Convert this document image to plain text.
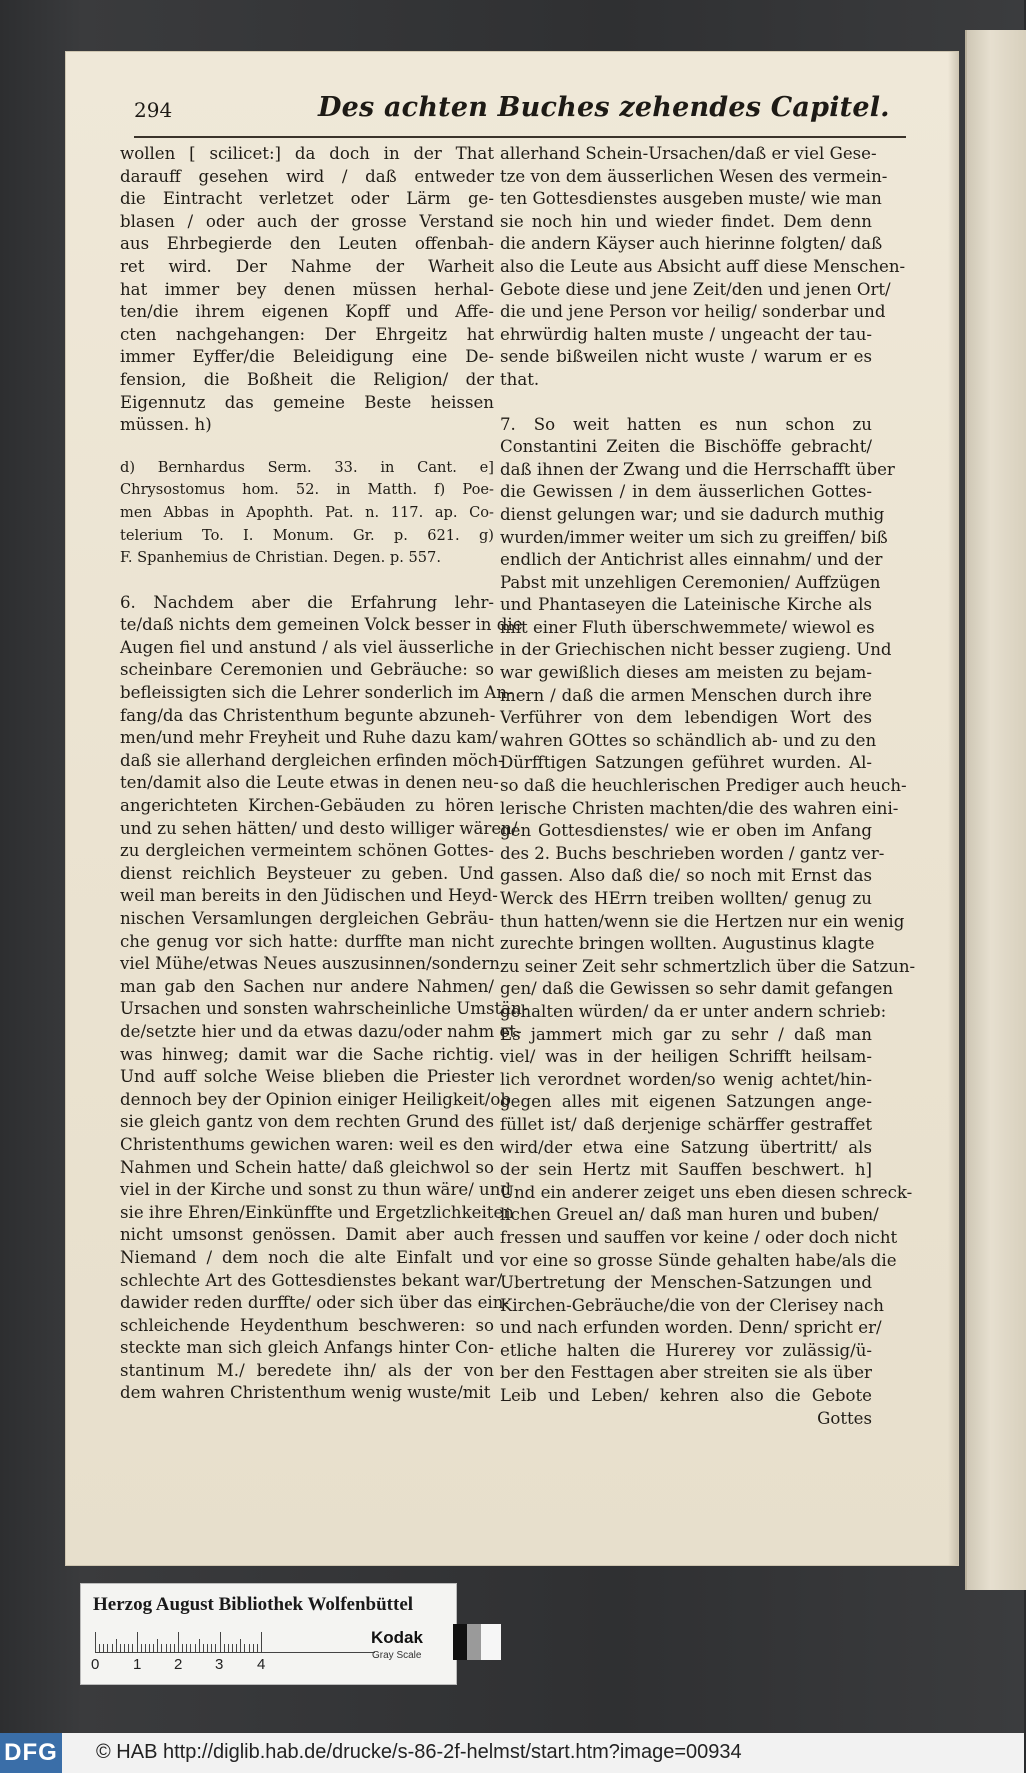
294	Des achten Buches zehendes Capitel.
wollen [ scilicet:] da doch in der That
darauff gesehen wird / daß entweder
die Eintracht verletzet oder Lärm ge-
blasen / oder auch der grosse Verstand
aus Ehrbegierde den Leuten offenbah-
ret wird. Der Nahme der Warheit
hat immer bey denen müssen herhal-
ten/die ihrem eigenen Kopff und Affe-
cten nachgehangen: Der Ehrgeitz hat
immer Eyffer/die Beleidigung eine De-
fension, die Boßheit die Religion/ der
Eigennutz das gemeine Beste heissen
müssen. h)
d) Bernhardus Serm. 33. in Cant. e]
Chrysostomus hom. 52. in Matth. f) Poe-
men Abbas in Apophth. Pat. n. 117. ap. Co-
telerium To. I. Monum. Gr. p. 621. g)
F. Spanhemius de Christian. Degen. p. 557.
6. Nachdem aber die Erfahrung lehr-
te/daß nichts dem gemeinen Volck besser in die
Augen fiel und anstund / als viel äusserliche
scheinbare Ceremonien und Gebräuche: so
befleissigten sich die Lehrer sonderlich im An-
fang/da das Christenthum begunte abzuneh-
men/und mehr Freyheit und Ruhe dazu kam/
daß sie allerhand dergleichen erfinden möch-
ten/damit also die Leute etwas in denen neu-
angerichteten Kirchen-Gebäuden zu hören
und zu sehen hätten/ und desto williger wären/
zu dergleichen vermeintem schönen Gottes-
dienst reichlich Beysteuer zu geben. Und
weil man bereits in den Jüdischen und Heyd-
nischen Versamlungen dergleichen Gebräu-
che genug vor sich hatte: durffte man nicht
viel Mühe/etwas Neues auszusinnen/sondern
man gab den Sachen nur andere Nahmen/
Ursachen und sonsten wahrscheinliche Umstän-
de/setzte hier und da etwas dazu/oder nahm et-
was hinweg; damit war die Sache richtig.
Und auff solche Weise blieben die Priester
dennoch bey der Opinion einiger Heiligkeit/ob
sie gleich gantz von dem rechten Grund des
Christenthums gewichen waren: weil es den
Nahmen und Schein hatte/ daß gleichwol so
viel in der Kirche und sonst zu thun wäre/ und
sie ihre Ehren/Einkünffte und Ergetzlichkeiten
nicht umsonst genössen. Damit aber auch
Niemand / dem noch die alte Einfalt und
schlechte Art des Gottesdienstes bekant war/
dawider reden durffte/ oder sich über das ein-
schleichende Heydenthum beschweren: so
steckte man sich gleich Anfangs hinter Con-
stantinum M./ beredete ihn/ als der von
dem wahren Christenthum wenig wuste/mit
allerhand Schein-Ursachen/daß er viel Gese-
tze von dem äusserlichen Wesen des vermein-
ten Gottesdienstes ausgeben muste/ wie man
sie noch hin und wieder findet. Dem denn
die andern Käyser auch hierinne folgten/ daß
also die Leute aus Absicht auff diese Menschen-
Gebote diese und jene Zeit/den und jenen Ort/
die und jene Person vor heilig/ sonderbar und
ehrwürdig halten muste / ungeacht der tau-
sende bißweilen nicht wuste / warum er es
that.
7. So weit hatten es nun schon zu
Constantini Zeiten die Bischöffe gebracht/
daß ihnen der Zwang und die Herrschafft über
die Gewissen / in dem äusserlichen Gottes-
dienst gelungen war; und sie dadurch muthig
wurden/immer weiter um sich zu greiffen/ biß
endlich der Antichrist alles einnahm/ und der
Pabst mit unzehligen Ceremonien/ Auffzügen
und Phantaseyen die Lateinische Kirche als
mit einer Fluth überschwemmete/ wiewol es
in der Griechischen nicht besser zugieng. Und
war gewißlich dieses am meisten zu bejam-
mern / daß die armen Menschen durch ihre
Verführer von dem lebendigen Wort des
wahren GOttes so schändlich ab- und zu den
Dürfftigen Satzungen geführet wurden. Al-
so daß die heuchlerischen Prediger auch heuch-
lerische Christen machten/die des wahren eini-
gen Gottesdienstes/ wie er oben im Anfang
des 2. Buchs beschrieben worden / gantz ver-
gassen. Also daß die/ so noch mit Ernst das
Werck des HErrn treiben wollten/ genug zu
thun hatten/wenn sie die Hertzen nur ein wenig
zurechte bringen wollten. Augustinus klagte
zu seiner Zeit sehr schmertzlich über die Satzun-
gen/ daß die Gewissen so sehr damit gefangen
gehalten würden/ da er unter andern schrieb:
Es jammert mich gar zu sehr / daß man
viel/ was in der heiligen Schrifft heilsam-
lich verordnet worden/so wenig achtet/hin-
gegen alles mit eigenen Satzungen ange-
füllet ist/ daß derjenige schärffer gestraffet
wird/der etwa eine Satzung übertritt/ als
der sein Hertz mit Sauffen beschwert. h]
Und ein anderer zeiget uns eben diesen schreck-
lichen Greuel an/ daß man huren und buben/
fressen und sauffen vor keine / oder doch nicht
vor eine so grosse Sünde gehalten habe/als die
Ubertretung der Menschen-Satzungen und
Kirchen-Gebräuche/die von der Clerisey nach
und nach erfunden worden. Denn/ spricht er/
etliche halten die Hurerey vor zulässig/ü-
ber den Festtagen aber streiten sie als über
Leib und Leben/ kehren also die Gebote
Gottes
Herzog August Bibliothek Wolfenbüttel
0 1 2 3 4
Kodak
Gray Scale
DFG © HAB http://diglib.hab.de/drucke/s-86-2f-helmst/start.htm?image=00934
